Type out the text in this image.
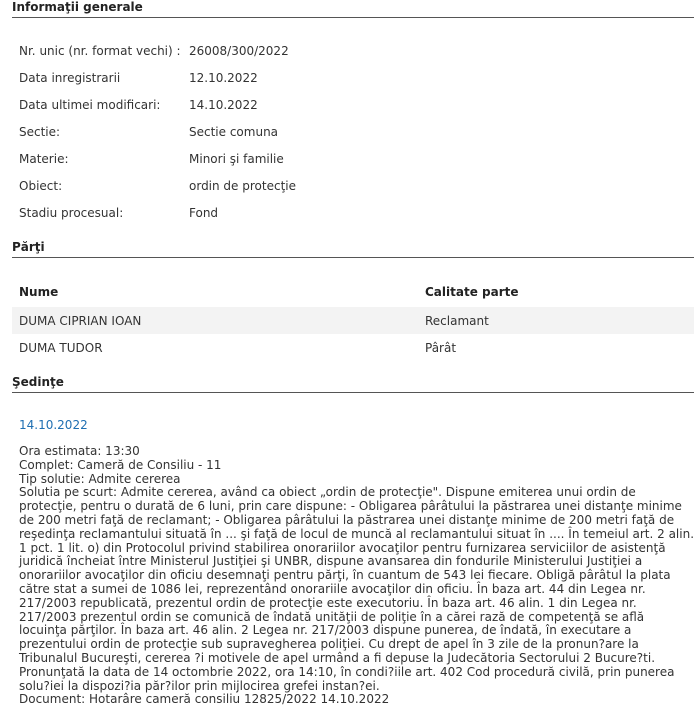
Informaţii generale
Nr. unic (nr. format vechi) : 26008/300/2022
Data inregistrarii	12.10.2022
Data ultimei modificari:	14.10.2022
Sectie:	Sectie comuna
Materie:	Minori şi familie
Obiect:	ordin de protecţie
Stadiu procesual:	Fond
Părţi
Nume	Calitate parte
DUMA CIPRIAN IOAN	Reclamant
DUMA TUDOR	Pârât
Şedinţe
14.10.2022
Ora estimata: 13:30
Complet: Cameră de Consiliu - 11
Tip solutie: Admite cererea
Solutia pe scurt: Admite cererea, având ca obiect „ordin de protecţie". Dispune emiterea unui ordin de protecţie, pentru o durată de 6 luni, prin care dispune: - Obligarea pârâtului la păstrarea unei distanţe minime de 200 metri faţă de reclamant; - Obligarea pârâtului la păstrarea unei distanţe minime de 200 metri faţă de reşedinţa reclamantului situată în ... şi faţă de locul de muncă al reclamantului situat în .... În temeiul art. 2 alin. 1 pct. 1 lit. o) din Protocolul privind stabilirea onorariilor avocaţilor pentru furnizarea serviciilor de asistenţă juridică încheiat între Ministerul Justiţiei şi UNBR, dispune avansarea din fondurile Ministerului Justiţiei a onorariilor avocaţilor din oficiu desemnaţi pentru părţi, în cuantum de 543 lei fiecare. Obligă pârâtul la plata către stat a sumei de 1086 lei, reprezentând onorariile avocaţilor din oficiu. În baza art. 44 din Legea nr. 217/2003 republicată, prezentul ordin de protecţie este executoriu. În baza art. 46 alin. 1 din Legea nr. 217/2003 prezentul ordin se comunică de îndată unităţii de poliţie în a cărei rază de competenţă se află locuinţa părţilor. În baza art. 46 alin. 2 Legea nr. 217/2003 dispune punerea, de îndată, în executare a prezentului ordin de protecţie sub supravegherea poliţiei. Cu drept de apel în 3 zile de la pronun?are la Tribunalul Bucureşti, cererea ?i motivele de apel urmând a fi depuse la Judecătoria Sectorului 2 Bucure?ti. Pronunţată la data de 14 octombrie 2022, ora 14:10, în condi?iile art. 402 Cod procedură civilă, prin punerea solu?iei la dispozi?ia păr?ilor prin mijlocirea grefei instan?ei.
Document: Hotarâre cameră consiliu 12825/2022 14.10.2022
